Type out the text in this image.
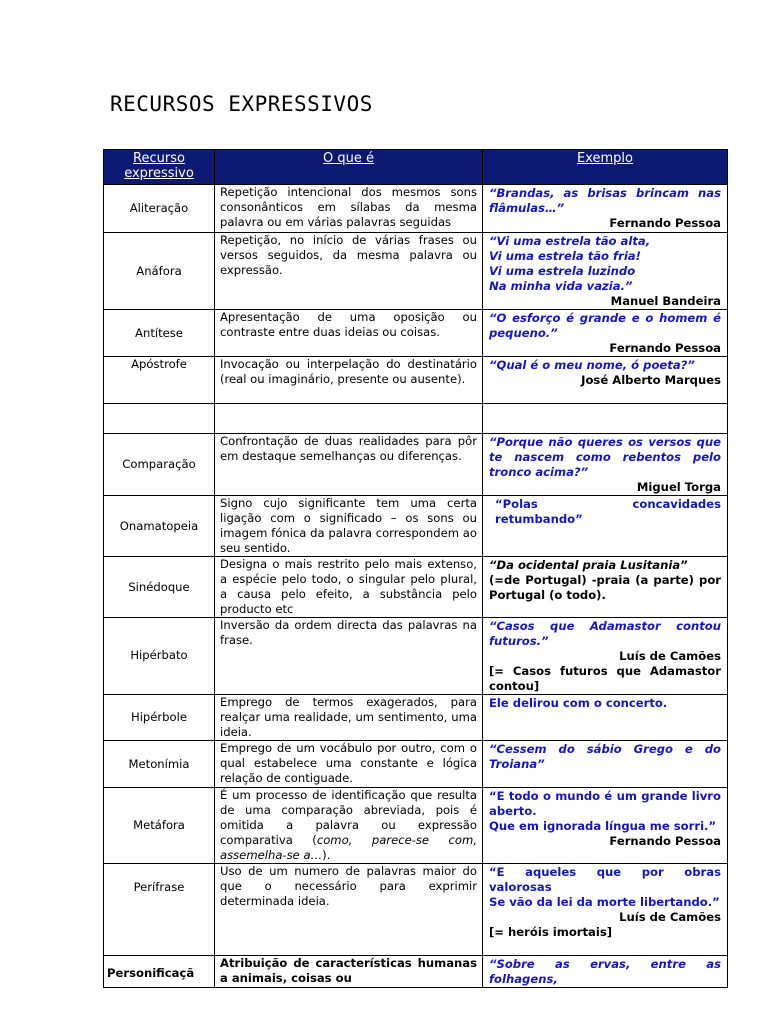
RECURSOS EXPRESSIVOS
Recurso expressivo	O que é	Exemplo
Aliteração	Repetição intencional dos mesmos sons consonânticos em sílabas da mesma palavra ou em várias palavras seguidas	“Brandas, as brisas brincam nas flâmulas…”
Fernando Pessoa

Anáfora	Repetição, no início de várias frases ou versos seguidos, da mesma palavra ou expressão.	“Vi uma estrela tão alta,
Vi uma estrela tão fria!
Vi uma estrela luzindo
Na minha vida vazia.”
Manuel Bandeira

Antítese	Apresentação de uma oposição ou contraste entre duas ideias ou coisas.	“O esforço é grande e o homem é pequeno.”
Fernando Pessoa

Apóstrofe	Invocação ou interpelação do destinatário (real ou imaginário, presente ou ausente).	“Qual é o meu nome, ó poeta?”
José Alberto Marques

Comparação	Confrontação de duas realidades para pôr em destaque semelhanças ou diferenças.	“Porque não queres os versos que te nascem como rebentos pelo tronco acima?”
Miguel Torga

Onamatopeia	Signo cujo significante tem uma certa ligação com o significado – os sons ou imagem fónica da palavra correspondem ao seu sentido.	“Polas concavidades retumbando”

Sinédoque	Designa o mais restrito pelo mais extenso, a espécie pelo todo, o singular pelo plural, a causa pelo efeito, a substância pelo producto etc	“Da ocidental praia Lusitania”
(=de Portugal) -praia (a parte) por Portugal (o todo).

Hipérbato	Inversão da ordem directa das palavras na frase.	“Casos que Adamastor contou futuros.”
Luís de Camões
[= Casos futuros que Adamastor contou]

Hipérbole	Emprego de termos exagerados, para realçar uma realidade, um sentimento, uma ideia.	Ele delirou com o concerto.

Metonímia	Emprego de um vocábulo por outro, com o qual estabelece uma constante e lógica relação de contiguade.	“Cessem do sábio Grego e do Troiana”

Metáfora	É um processo de identificação que resulta de uma comparação abreviada, pois é omitida a palavra ou expressão comparativa (como, parece-se com, assemelha-se a…).	“E todo o mundo é um grande livro aberto.
Que em ignorada língua me sorri.”
Fernando Pessoa

Perífrase	Uso de um numero de palavras maior do que o necessário para exprimir determinada ideia.	“E aqueles que por obras valorosas
Se vão da lei da morte libertando.”
Luís de Camões
[= heróis imortais]

Personificaçã	Atribuição de características humanas a animais, coisas ou	“Sobre as ervas, entre as folhagens,
